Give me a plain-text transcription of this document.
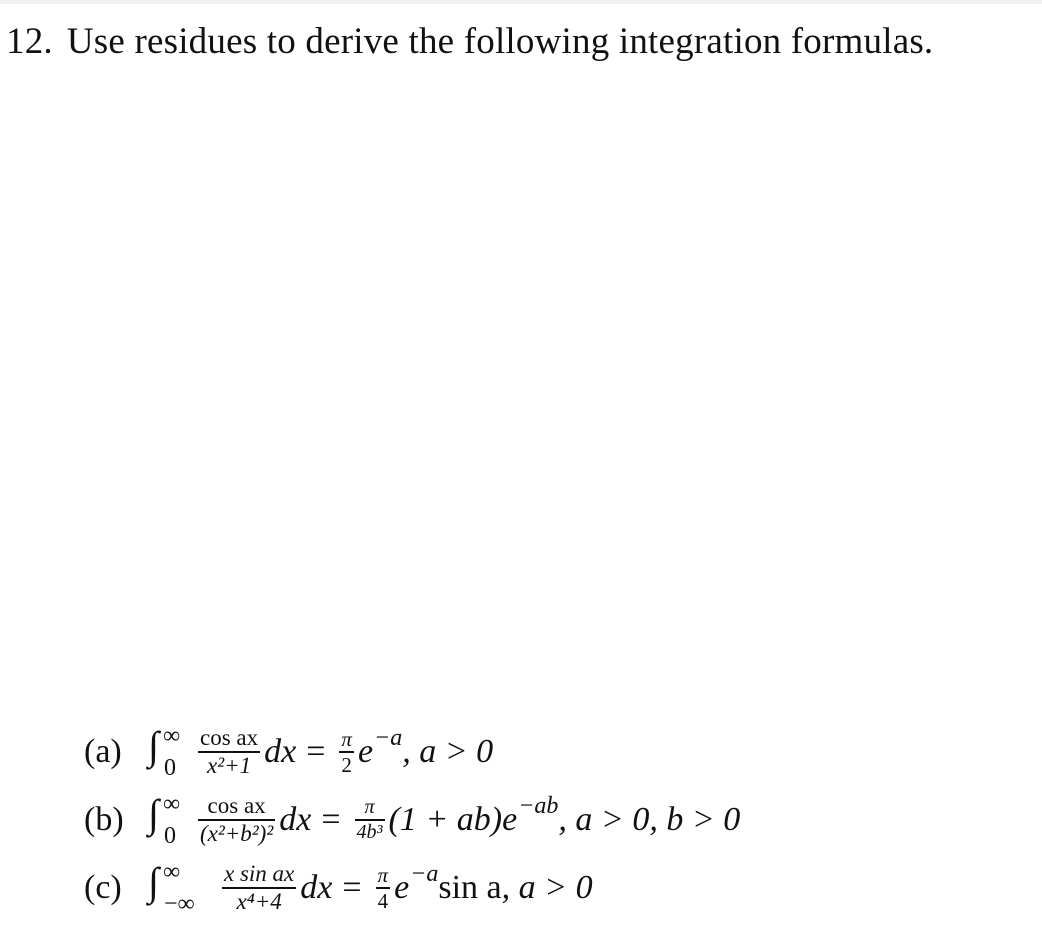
12. Use residues to derive the following integration formulas.
(a) ∫ ∞
$0 \frac{\text{cos ax}}{\text{x²+1}}$ dx = $\frac{\pi}{2}$ e −a , a > 0
(b) ∫ ∞
$0 \frac{\text{cos ax}}{\text{(x²+b²)²}}$ dx = $\frac{\pi}{\text{4b³}} (1 + ab)$ e −ab , a > 0, b > 0
(c) ∫ ∞
−∞ $\frac{\text{x sin ax}}{\text{x⁴+4}}$ dx = $\frac{\pi}{4}$ e −a sin a , a > 0
